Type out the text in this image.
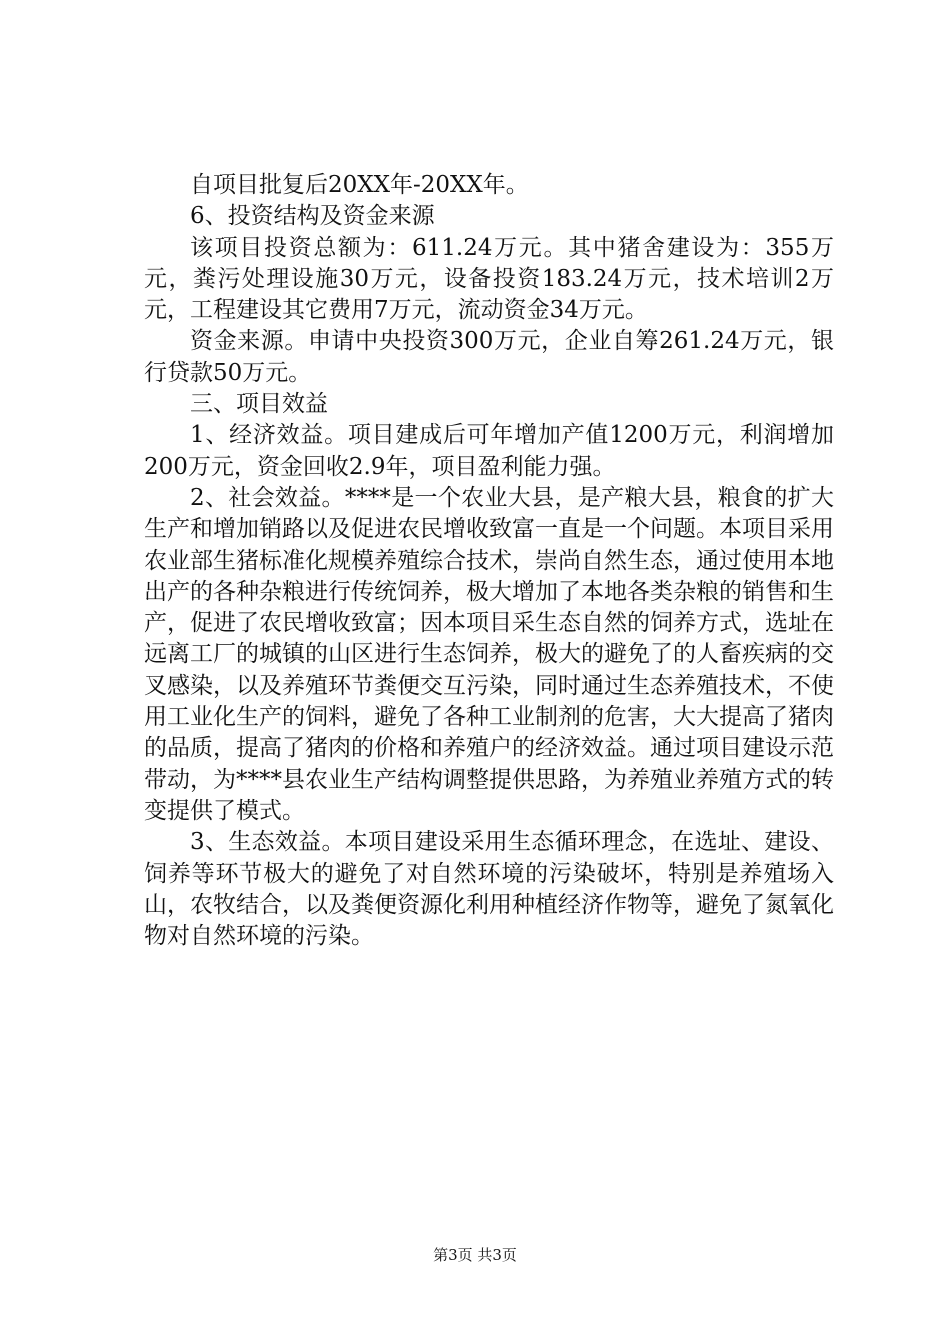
自项目批复后20XX年-20XX年。

6、投资结构及资金来源

该项目投资总额为：611.24万元。其中猪舍建设为：355万元，粪污处理设施30万元，设备投资183.24万元，技术培训2万元，工程建设其它费用7万元，流动资金34万元。

资金来源。申请中央投资300万元，企业自筹261.24万元，银行贷款50万元。

三、项目效益

1、经济效益。项目建成后可年增加产值1200万元，利润增加200万元，资金回收2.9年，项目盈利能力强。

2、社会效益。****是一个农业大县，是产粮大县，粮食的扩大生产和增加销路以及促进农民增收致富一直是一个问题。本项目采用农业部生猪标准化规模养殖综合技术，崇尚自然生态，通过使用本地出产的各种杂粮进行传统饲养，极大增加了本地各类杂粮的销售和生产，促进了农民增收致富；因本项目采生态自然的饲养方式，选址在远离工厂的城镇的山区进行生态饲养，极大的避免了的人畜疾病的交叉感染，以及养殖环节粪便交互污染，同时通过生态养殖技术，不使用工业化生产的饲料，避免了各种工业制剂的危害，大大提高了猪肉的品质，提高了猪肉的价格和养殖户的经济效益。通过项目建设示范带动，为****县农业生产结构调整提供思路，为养殖业养殖方式的转变提供了模式。

3、生态效益。本项目建设采用生态循环理念，在选址、建设、饲养等环节极大的避免了对自然环境的污染破坏，特别是养殖场入山，农牧结合，以及粪便资源化利用种植经济作物等，避免了氮氧化物对自然环境的污染。

第3页 共3页
